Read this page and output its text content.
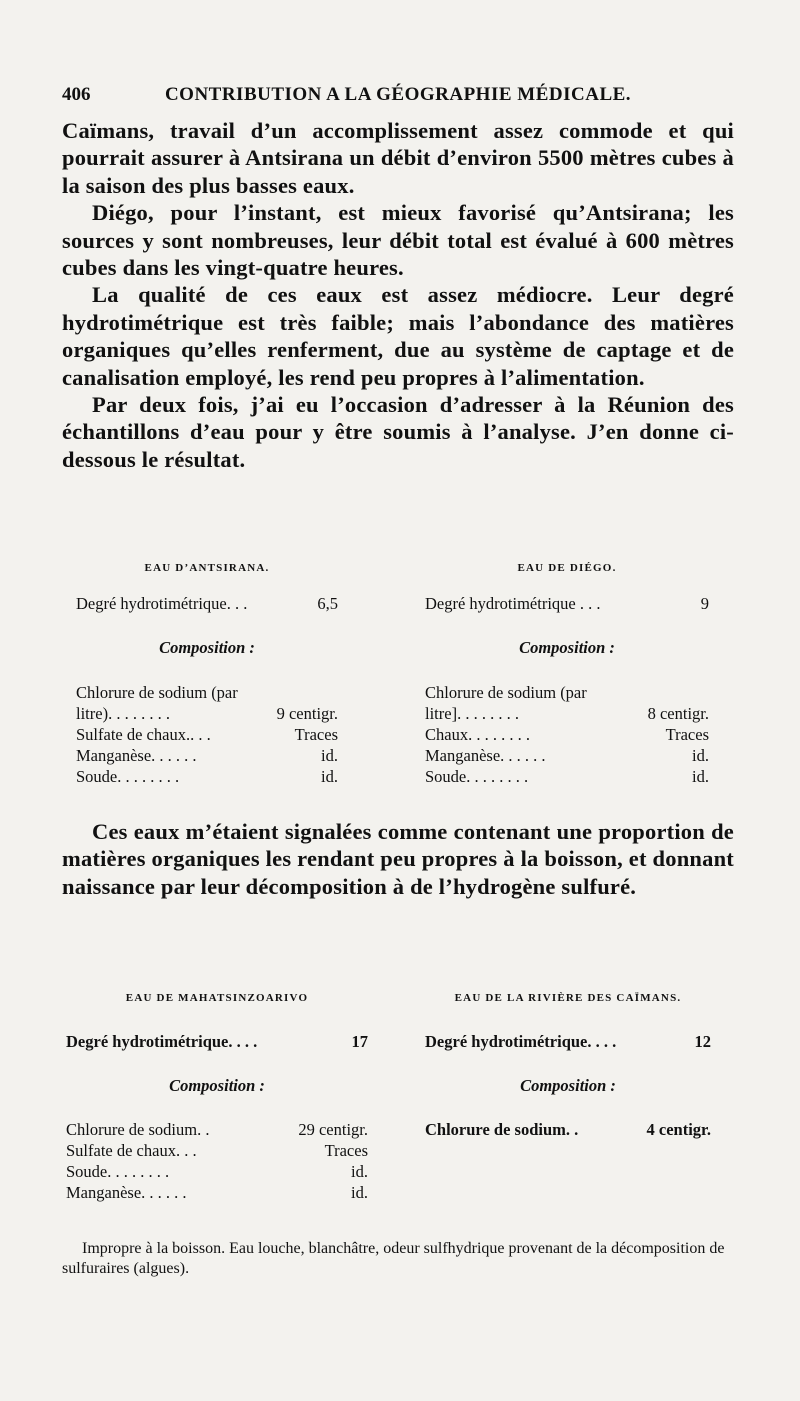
406	CONTRIBUTION A LA GÉOGRAPHIE MÉDICALE.

Caïmans, travail d’un accomplissement assez commode et qui pourrait assurer à Antsirana un débit d’environ 5500 mètres cubes à la saison des plus basses eaux.

Diégo, pour l’instant, est mieux favorisé qu’Antsirana; les sources y sont nombreuses, leur débit total est évalué à 600 mètres cubes dans les vingt-quatre heures.

La qualité de ces eaux est assez médiocre. Leur degré hydrotimétrique est très faible; mais l’abondance des matières organiques qu’elles renferment, due au système de captage et de canalisation employé, les rend peu propres à l’alimentation.

Par deux fois, j’ai eu l’occasion d’adresser à la Réunion des échantillons d’eau pour y être soumis à l’analyse. J’en donne ci-dessous le résultat.

EAU D’ANTSIRANA.
Degré hydrotimétrique. . .	6,5
Composition :
Chlorure de sodium (par
litre). . . . . . . .	9 centigr.
Sulfate de chaux.. . .	Traces
Manganèse. . . . . .	id.
Soude. . . . . . . .	id.
EAU DE DIÉGO.
Degré hydrotimétrique . . .	9
Composition :
Chlorure de sodium (par
litre]. . . . . . . .	8 centigr.
Chaux. . . . . . . .	Traces
Manganèse. . . . . .	id.
Soude. . . . . . . .	id.

Ces eaux m’étaient signalées comme contenant une proportion de matières organiques les rendant peu propres à la boisson, et donnant naissance par leur décomposition à de l’hydrogène sulfuré.

EAU DE MAHATSINZOARIVO
Degré hydrotimétrique. . . .	17
Composition :
Chlorure de sodium. .	29 centigr.
Sulfate de chaux. . .	Traces
Soude. . . . . . . .	id.
Manganèse. . . . . .	id.
EAU DE LA RIVIÈRE DES CAÏMANS.
Degré hydrotimétrique. . . .	12
Composition :
Chlorure de sodium. .	4 centigr.

Impropre à la boisson. Eau louche, blanchâtre, odeur sulfhydrique provenant de la décomposition de sulfuraires (algues).
